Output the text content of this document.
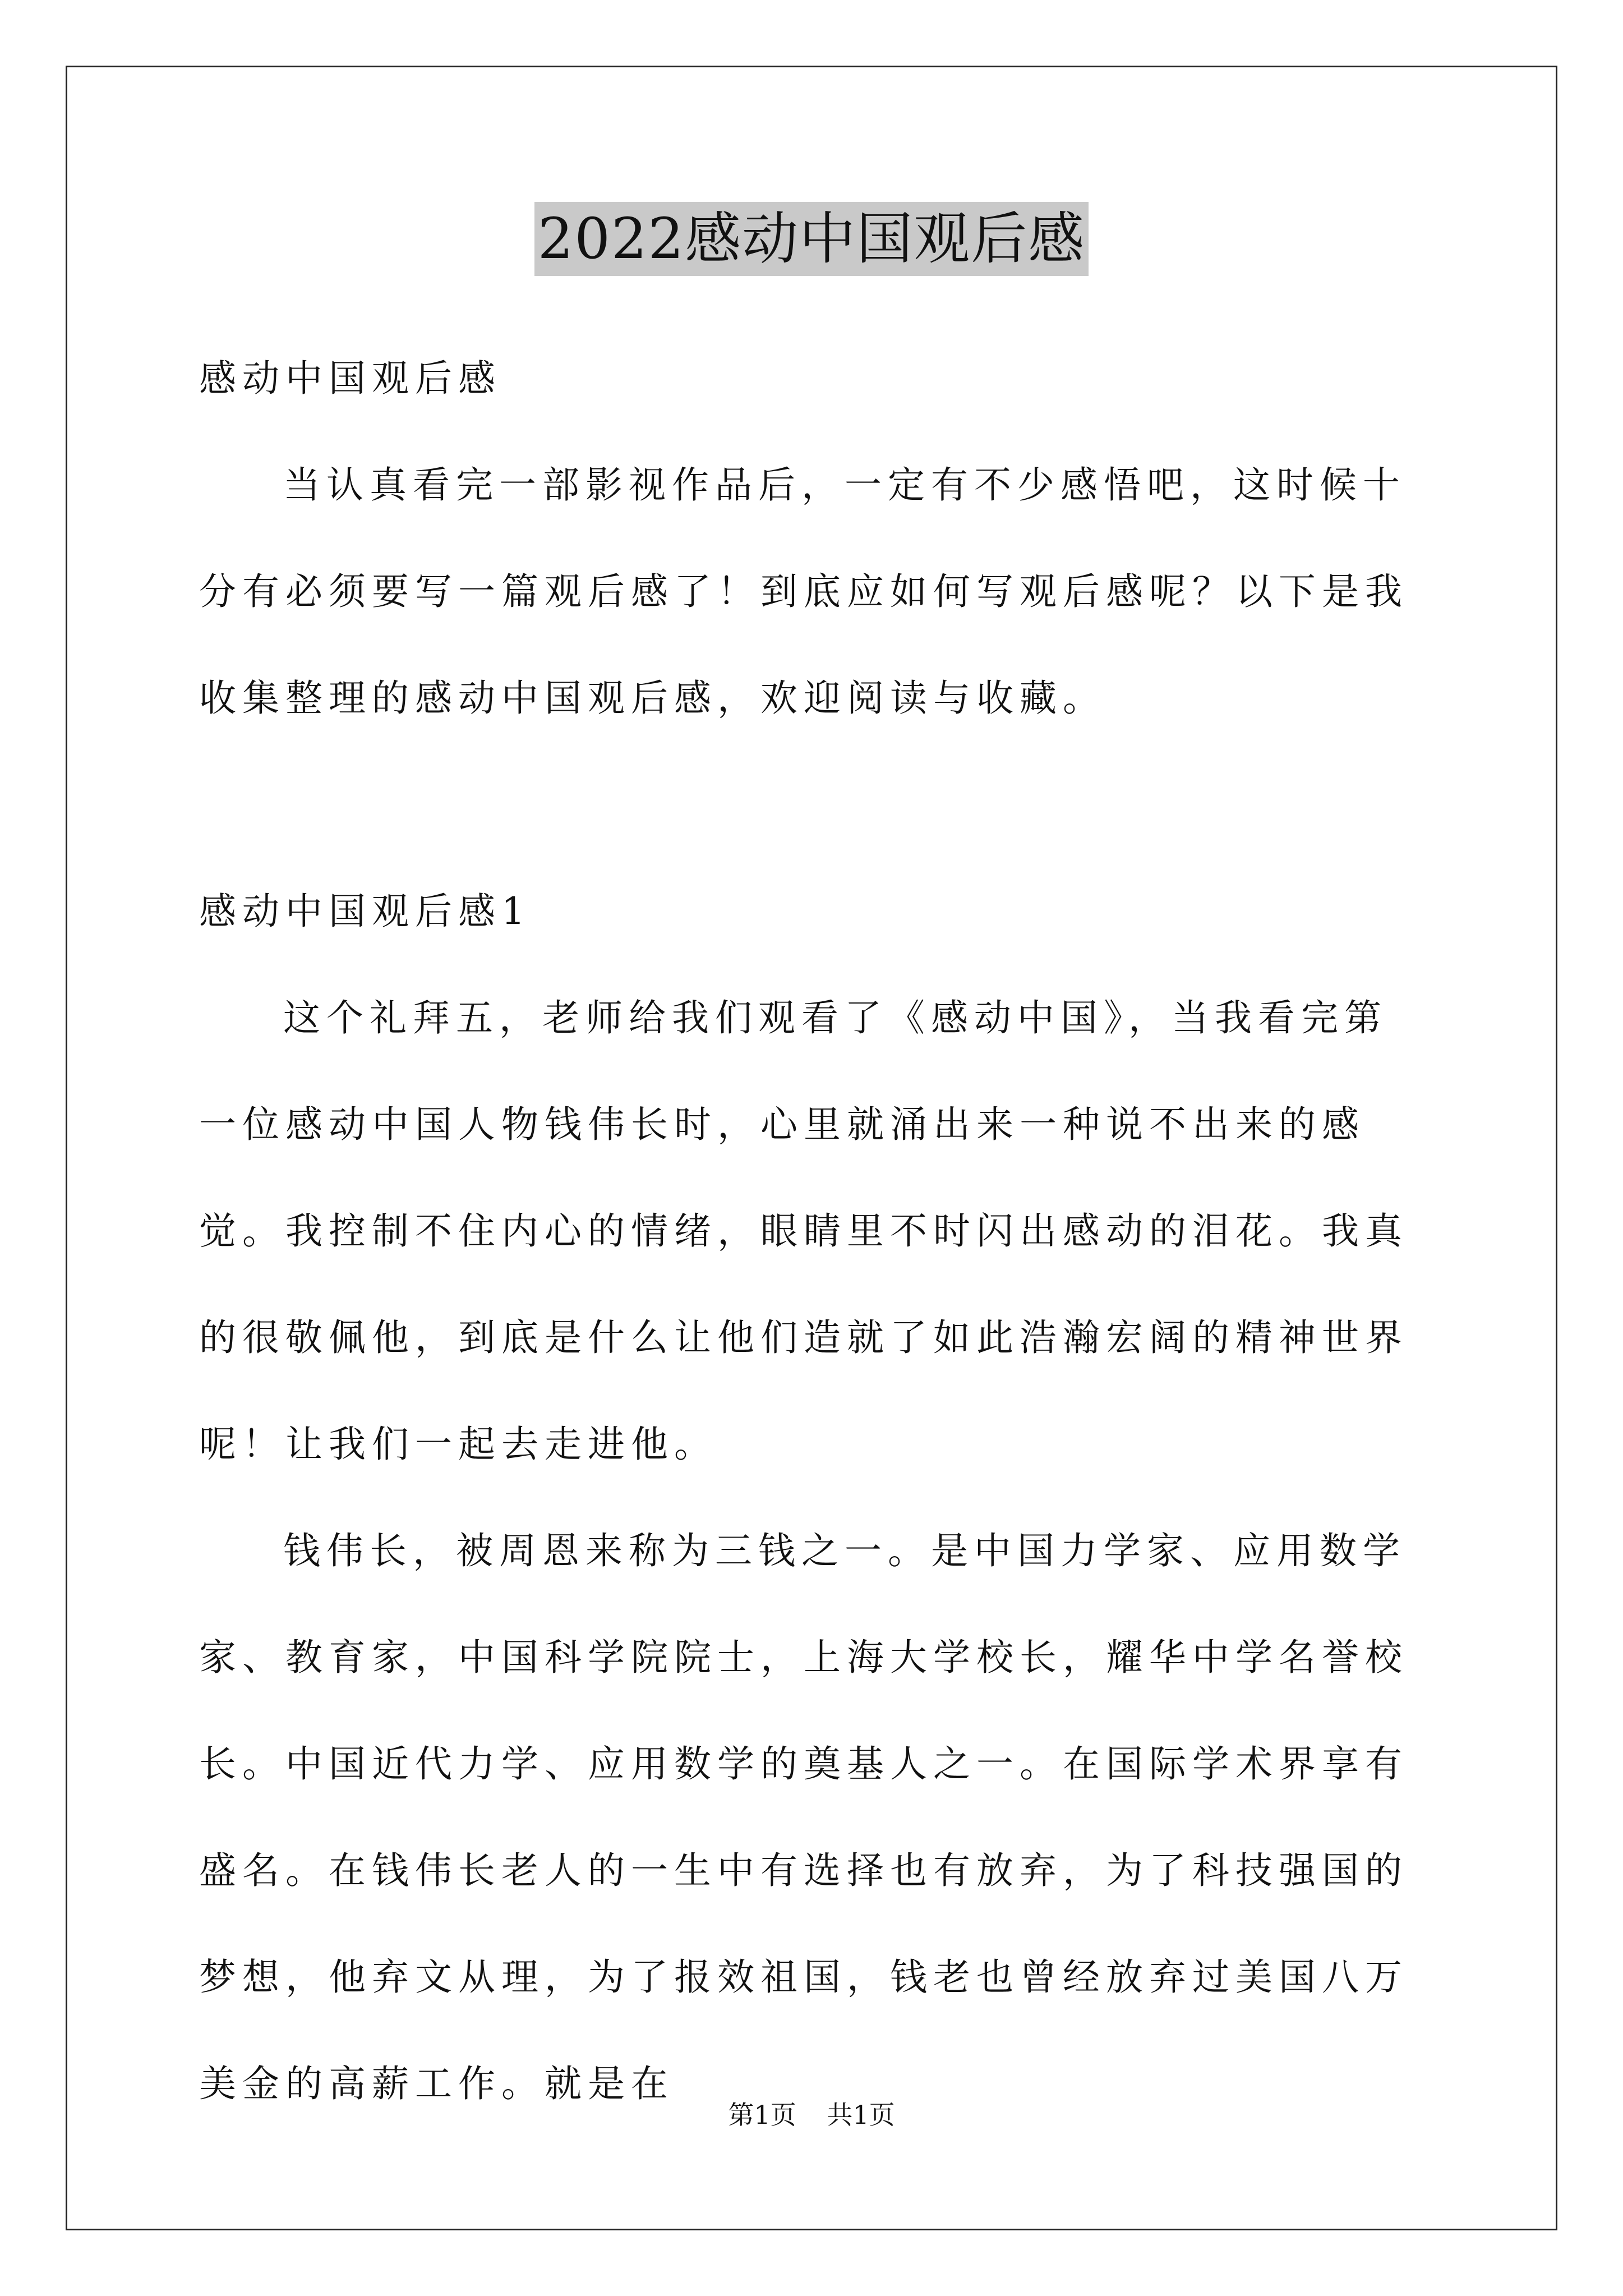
2022感动中国观后感

感动中国观后感

当认真看完一部影视作品后，一定有不少感悟吧，这时候十分有必须要写一篇观后感了！到底应如何写观后感呢？以下是我收集整理的感动中国观后感，欢迎阅读与收藏。

感动中国观后感1

这个礼拜五，老师给我们观看了《感动中国》，当我看完第一位感动中国人物钱伟长时，心里就涌出来一种说不出来的感觉。我控制不住内心的情绪，眼睛里不时闪出感动的泪花。我真的很敬佩他，到底是什么让他们造就了如此浩瀚宏阔的精神世界呢！让我们一起去走进他。

钱伟长，被周恩来称为三钱之一。是中国力学家、应用数学家、教育家，中国科学院院士，上海大学校长，耀华中学名誉校长。中国近代力学、应用数学的奠基人之一。在国际学术界享有盛名。在钱伟长老人的一生中有选择也有放弃，为了科技强国的梦想，他弃文从理，为了报效祖国，钱老也曾经放弃过美国八万美金的高薪工作。就是在

第1页 共1页
